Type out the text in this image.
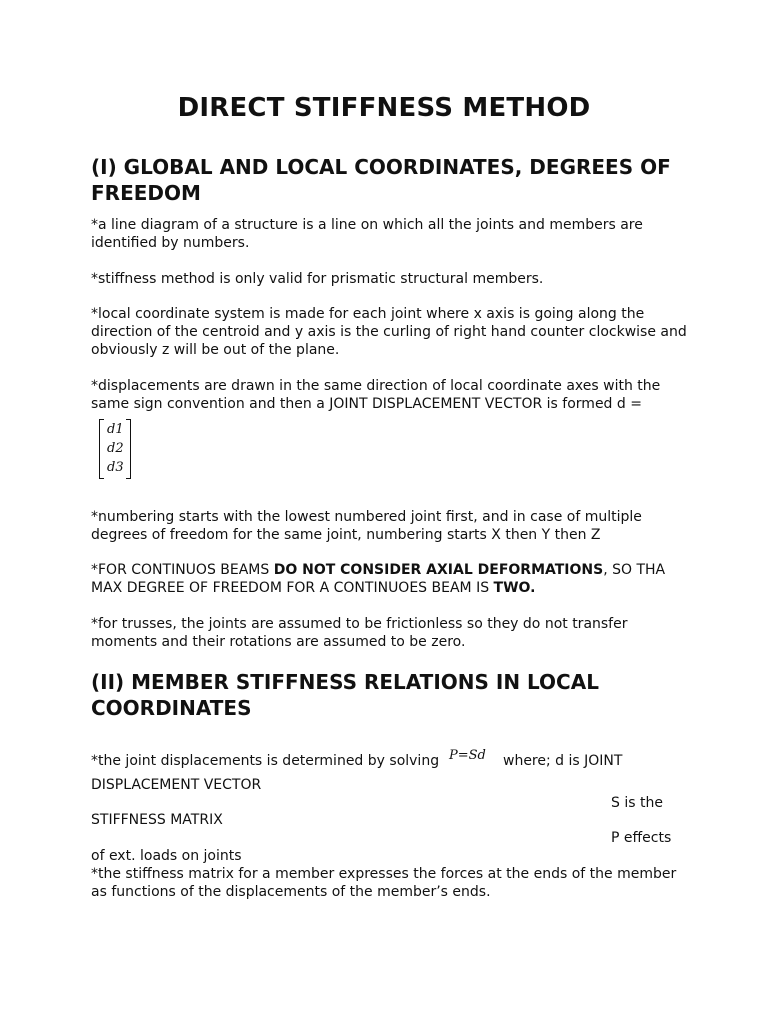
DIRECT STIFFNESS METHOD
(I) GLOBAL AND LOCAL COORDINATES, DEGREES OF FREEDOM
*a line diagram of a structure is a line on which all the joints and members are identified by numbers.
*stiffness method is only valid for prismatic structural members.
*local coordinate system is made for each joint where x axis is going along the direction of the centroid and y axis is the curling of right hand counter clockwise and obviously z will be out of the plane.
*displacements are drawn in the same direction of local coordinate axes with the same sign convention and then a JOINT DISPLACEMENT VECTOR is formed d =
d1
d2
d3
*numbering starts with the lowest numbered joint first, and in case of multiple degrees of freedom for the same joint, numbering starts X then Y then Z
*FOR CONTINUOS BEAMS DO NOT CONSIDER AXIAL DEFORMATIONS, SO THA MAX DEGREE OF FREEDOM FOR A CONTINUOES BEAM IS TWO.
*for trusses, the joints are assumed to be frictionless so they do not transfer moments and their rotations are assumed to be zero.
(II) MEMBER STIFFNESS RELATIONS IN LOCAL COORDINATES
*the joint displacements is determined by solving P=Sd where; d is JOINT
DISPLACEMENT VECTOR
S is the
STIFFNESS MATRIX
P effects
of ext. loads on joints
*the stiffness matrix for a member expresses the forces at the ends of the member as functions of the displacements of the member’s ends.
